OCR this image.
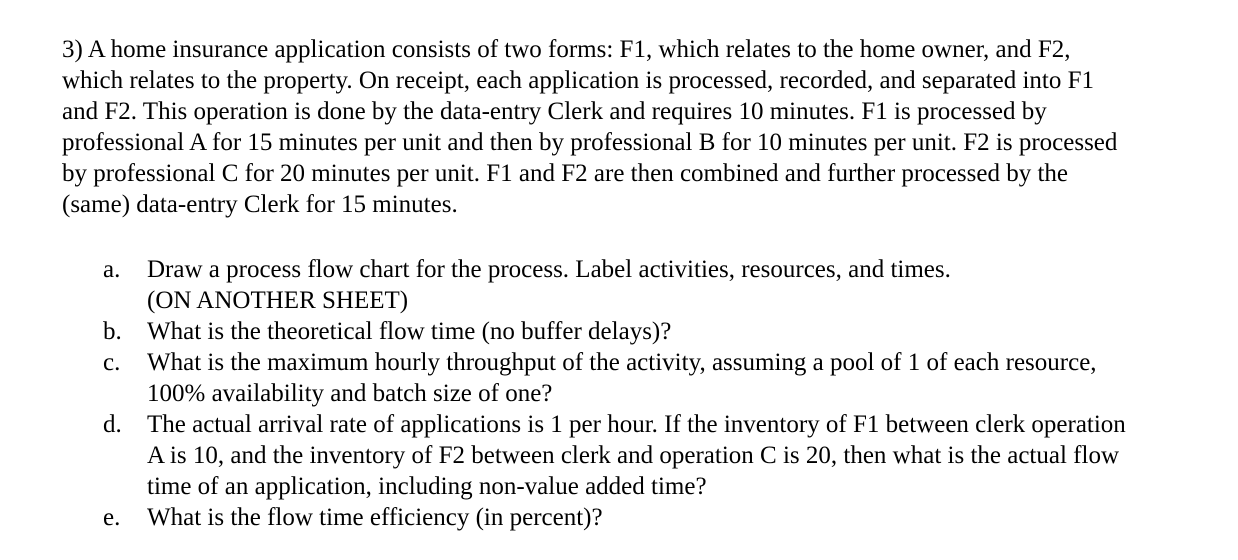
3) A home insurance application consists of two forms: F1, which relates to the home owner, and F2,
which relates to the property. On receipt, each application is processed, recorded, and separated into F1
and F2. This operation is done by the data-entry Clerk and requires 10 minutes. F1 is processed by
professional A for 15 minutes per unit and then by professional B for 10 minutes per unit. F2 is processed
by professional C for 20 minutes per unit. F1 and F2 are then combined and further processed by the
(same) data-entry Clerk for 15 minutes.
a.	Draw a process flow chart for the process. Label activities, resources, and times.
(ON ANOTHER SHEET)
b.	What is the theoretical flow time (no buffer delays)?
c.	What is the maximum hourly throughput of the activity, assuming a pool of 1 of each resource,
100% availability and batch size of one?
d.	The actual arrival rate of applications is 1 per hour. If the inventory of F1 between clerk operation
A is 10, and the inventory of F2 between clerk and operation C is 20, then what is the actual flow
time of an application, including non-value added time?
e.	What is the flow time efficiency (in percent)?
